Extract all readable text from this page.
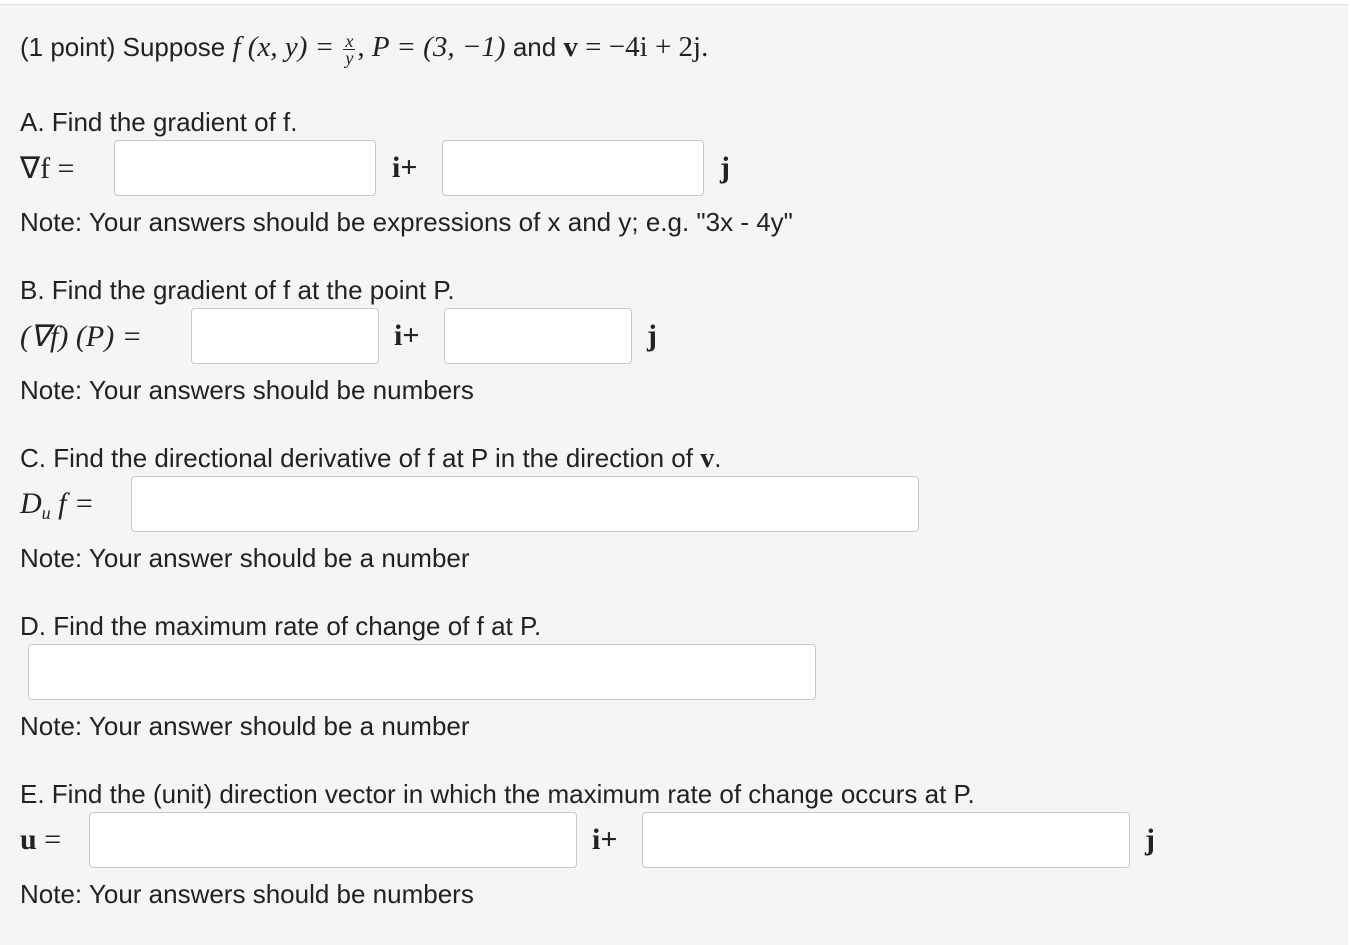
(1 point) Suppose f (x, $y) = \frac{x}{y}$ , P = (3, −1) and v = −4i + 2j.
A. Find the gradient of f.
∇f =	i+	j
Note: Your answers should be expressions of x and y; e.g. "3x - 4y"
B. Find the gradient of f at the point P.
(∇f) (P) =	i+	j
Note: Your answers should be numbers
C. Find the directional derivative of f at P in the direction of v.
$D_u$ f =
Note: Your answer should be a number
D. Find the maximum rate of change of f at P.
Note: Your answer should be a number
E. Find the (unit) direction vector in which the maximum rate of change occurs at P.
u =	i+	j
Note: Your answers should be numbers
